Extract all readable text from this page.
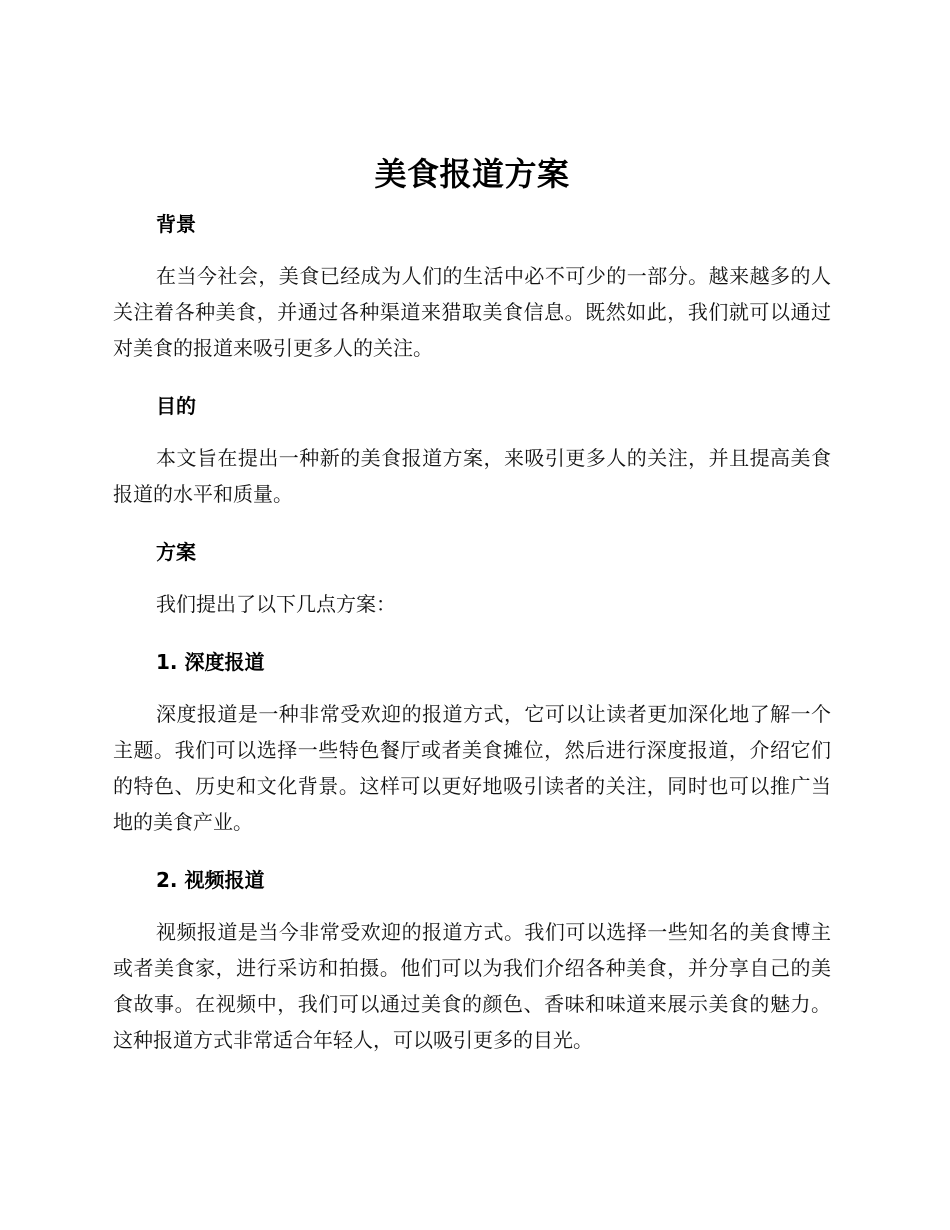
美食报道方案
背景

在当今社会，美食已经成为人们的生活中必不可少的一部分。越来越多的人关注着各种美食，并通过各种渠道来猎取美食信息。既然如此，我们就可以通过对美食的报道来吸引更多人的关注。

目的

本文旨在提出一种新的美食报道方案，来吸引更多人的关注，并且提高美食报道的水平和质量。

方案

我们提出了以下几点方案：

1. 深度报道

深度报道是一种非常受欢迎的报道方式，它可以让读者更加深化地了解一个主题。我们可以选择一些特色餐厅或者美食摊位，然后进行深度报道，介绍它们的特色、历史和文化背景。这样可以更好地吸引读者的关注，同时也可以推广当地的美食产业。

2. 视频报道

视频报道是当今非常受欢迎的报道方式。我们可以选择一些知名的美食博主或者美食家，进行采访和拍摄。他们可以为我们介绍各种美食，并分享自己的美食故事。在视频中，我们可以通过美食的颜色、香味和味道来展示美食的魅力。这种报道方式非常适合年轻人，可以吸引更多的目光。
